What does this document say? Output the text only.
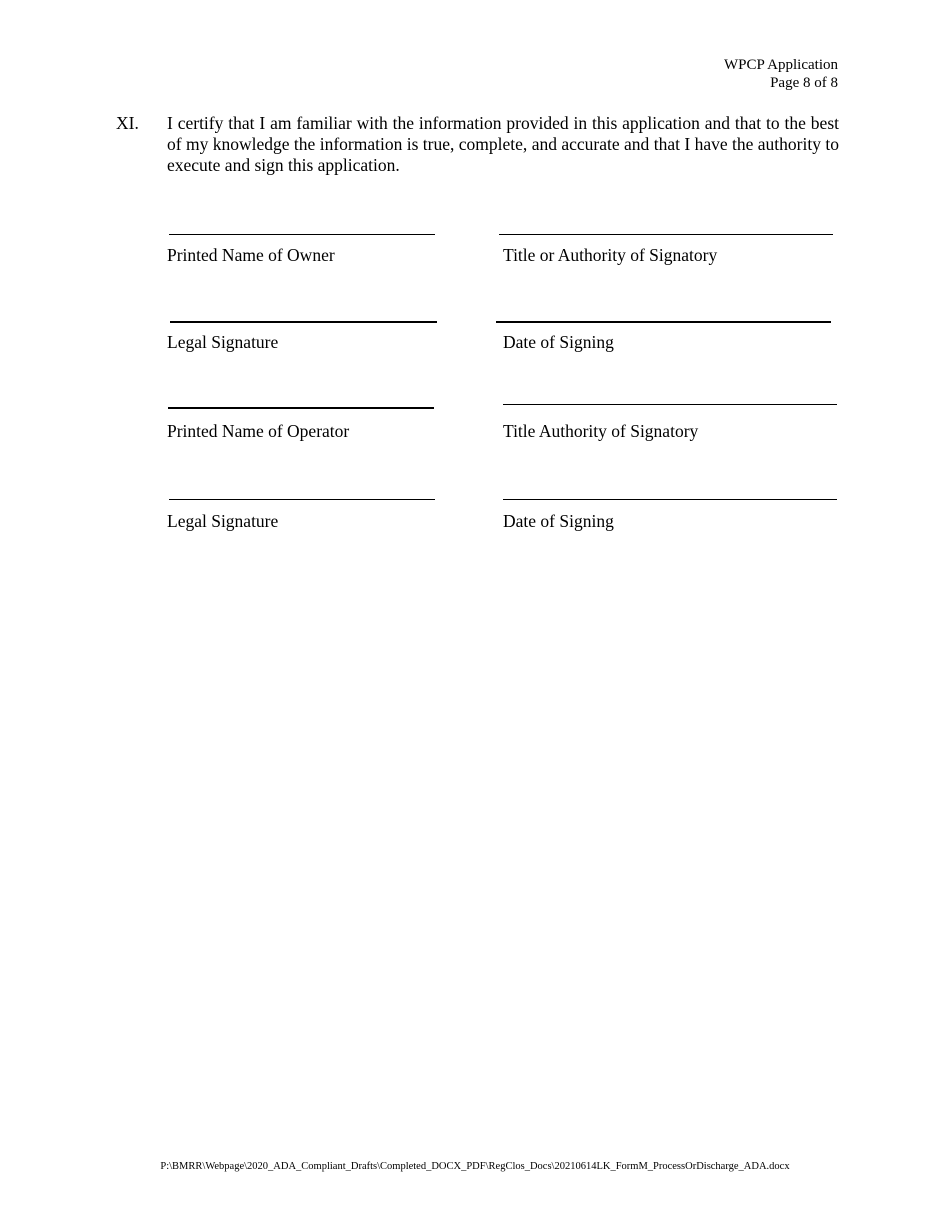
WPCP Application
Page 8 of 8
XI. I certify that I am familiar with the information provided in this application and that to the best of my knowledge the information is true, complete, and accurate and that I have the authority to execute and sign this application.
Printed Name of Owner	Title or Authority of Signatory
Legal Signature	Date of Signing
Printed Name of Operator	Title Authority of Signatory
Legal Signature	Date of Signing
P:\BMRR\Webpage\2020_ADA_Compliant_Drafts\Completed_DOCX_PDF\RegClos_Docs\20210614LK_FormM_ProcessOrDischarge_ADA.docx
